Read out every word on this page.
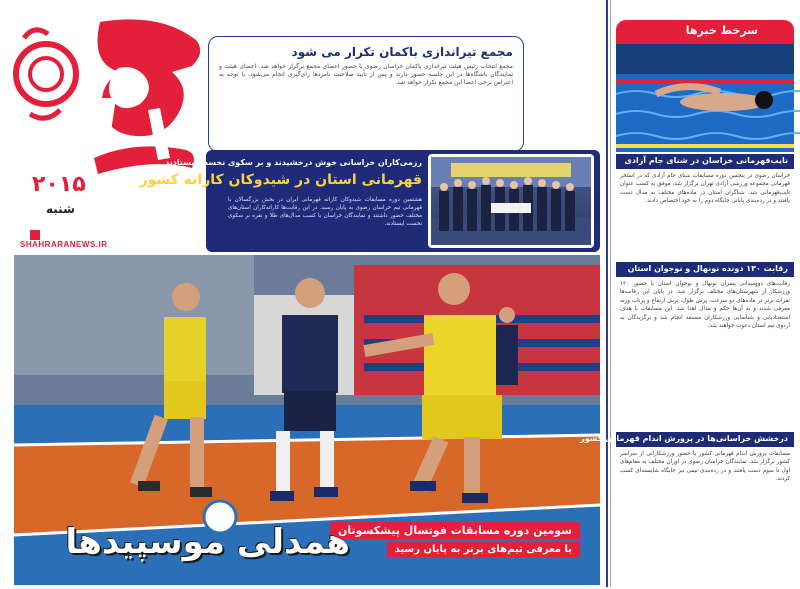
۲۰۱۵
شنبه
SHAHRARANEWS.IR
مجمع تیراندازی باکمان تکرار می شود
مجمع انتخاب رئیس هیئت تیراندازی باکمان خراسان رضوی با حضور اعضای مجمع برگزار خواهد شد. اعضای هیئت و نمایندگان باشگاه‌ها در این جلسه حضور دارند و پس از تأیید صلاحیت نامزدها رای‌گیری انجام می‌شود. با توجه به اعتراض برخی اعضا این مجمع تکرار خواهد شد.
رزمی‌کاران خراسانی خوش درخشیدند و بر سکوی نخست ایستادند
قهرمانی استان در شیدوکان کاراته کشور
هشتمین دوره مسابقات شیدوکان کاراته قهرمانی ایران در بخش بزرگسالان با قهرمانی تیم خراسان رضوی به پایان رسید. در این رقابت‌ها کاراته‌کاران استان‌های مختلف حضور داشتند و نمایندگان خراسان با کسب مدال‌های طلا و نقره بر سکوی نخست ایستادند.
سومین دوره مسابقات فوتسال پیشکسوتان
با معرفی تیم‌های برتر به پایان رسید
همدلی موسپیدها
سرخط خبرها
نایب‌قهرمانی خراسان در شنای جام آزادی
خراسان رضوی در پنجمین دوره مسابقات شنای جام آزادی که در استخر قهرمانی مجموعه ورزشی آزادی تهران برگزار شد، موفق به کسب عنوان نایب‌قهرمانی شد. شناگران استان در ماده‌های مختلف به مدال دست یافتند و در رده‌بندی پایانی جایگاه دوم را به خود اختصاص دادند.
رقابت ۱۳۰ دونده نونهال و نوجوان استان
رقابت‌های دوومیدانی پسران نونهال و نوجوان استان با حضور ۱۳۰ ورزشکار از شهرستان‌های مختلف برگزار شد. در پایان این رقابت‌ها نفرات برتر در ماده‌های دو سرعت، پرش طول، پرش ارتفاع و پرتاب وزنه معرفی شدند و به آن‌ها حکم و مدال اهدا شد. این مسابقات با هدف استعدادیابی و شناسایی ورزشکاران مستعد انجام شد و برگزیدگان به اردوی تیم استان دعوت خواهند شد.
درخشش خراسانی‌ها در پرورش اندام قهرمانی کشور
مسابقات پرورش اندام قهرمانی کشور با حضور ورزشکارانی از سراسر کشور برگزار شد. نمایندگان خراسان رضوی در اوزان مختلف به مقام‌های اول تا سوم دست یافتند و در رده‌بندی تیمی نیز جایگاه شایسته‌ای کسب کردند.
